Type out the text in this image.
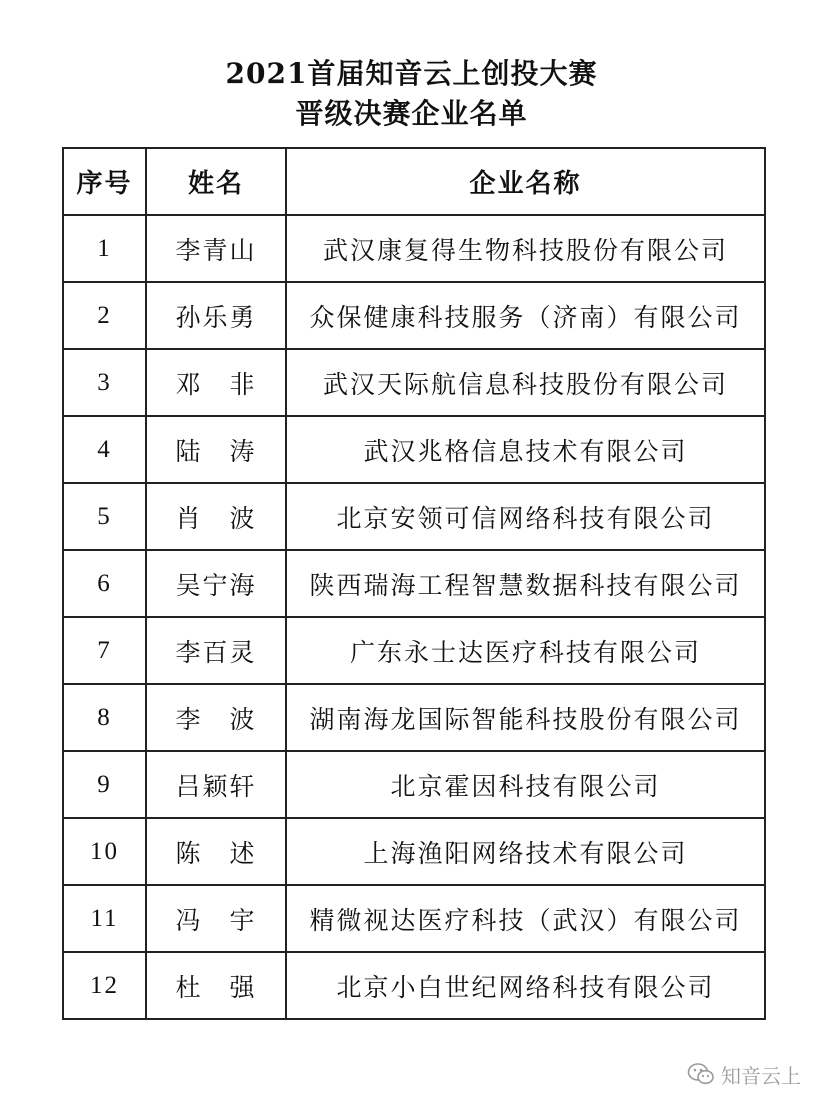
2021首届知音云上创投大赛
晋级决赛企业名单
序号	姓名	企业名称
1	李青山	武汉康复得生物科技股份有限公司
2	孙乐勇	众保健康科技服务（济南）有限公司
3	邓　非	武汉天际航信息科技股份有限公司
4	陆　涛	武汉兆格信息技术有限公司
5	肖　波	北京安领可信网络科技有限公司
6	吴宁海	陕西瑞海工程智慧数据科技有限公司
7	李百灵	广东永士达医疗科技有限公司
8	李　波	湖南海龙国际智能科技股份有限公司
9	吕颖轩	北京霍因科技有限公司
10	陈　述	上海渔阳网络技术有限公司
11	冯　宇	精微视达医疗科技（武汉）有限公司
12	杜　强	北京小白世纪网络科技有限公司
知音云上
